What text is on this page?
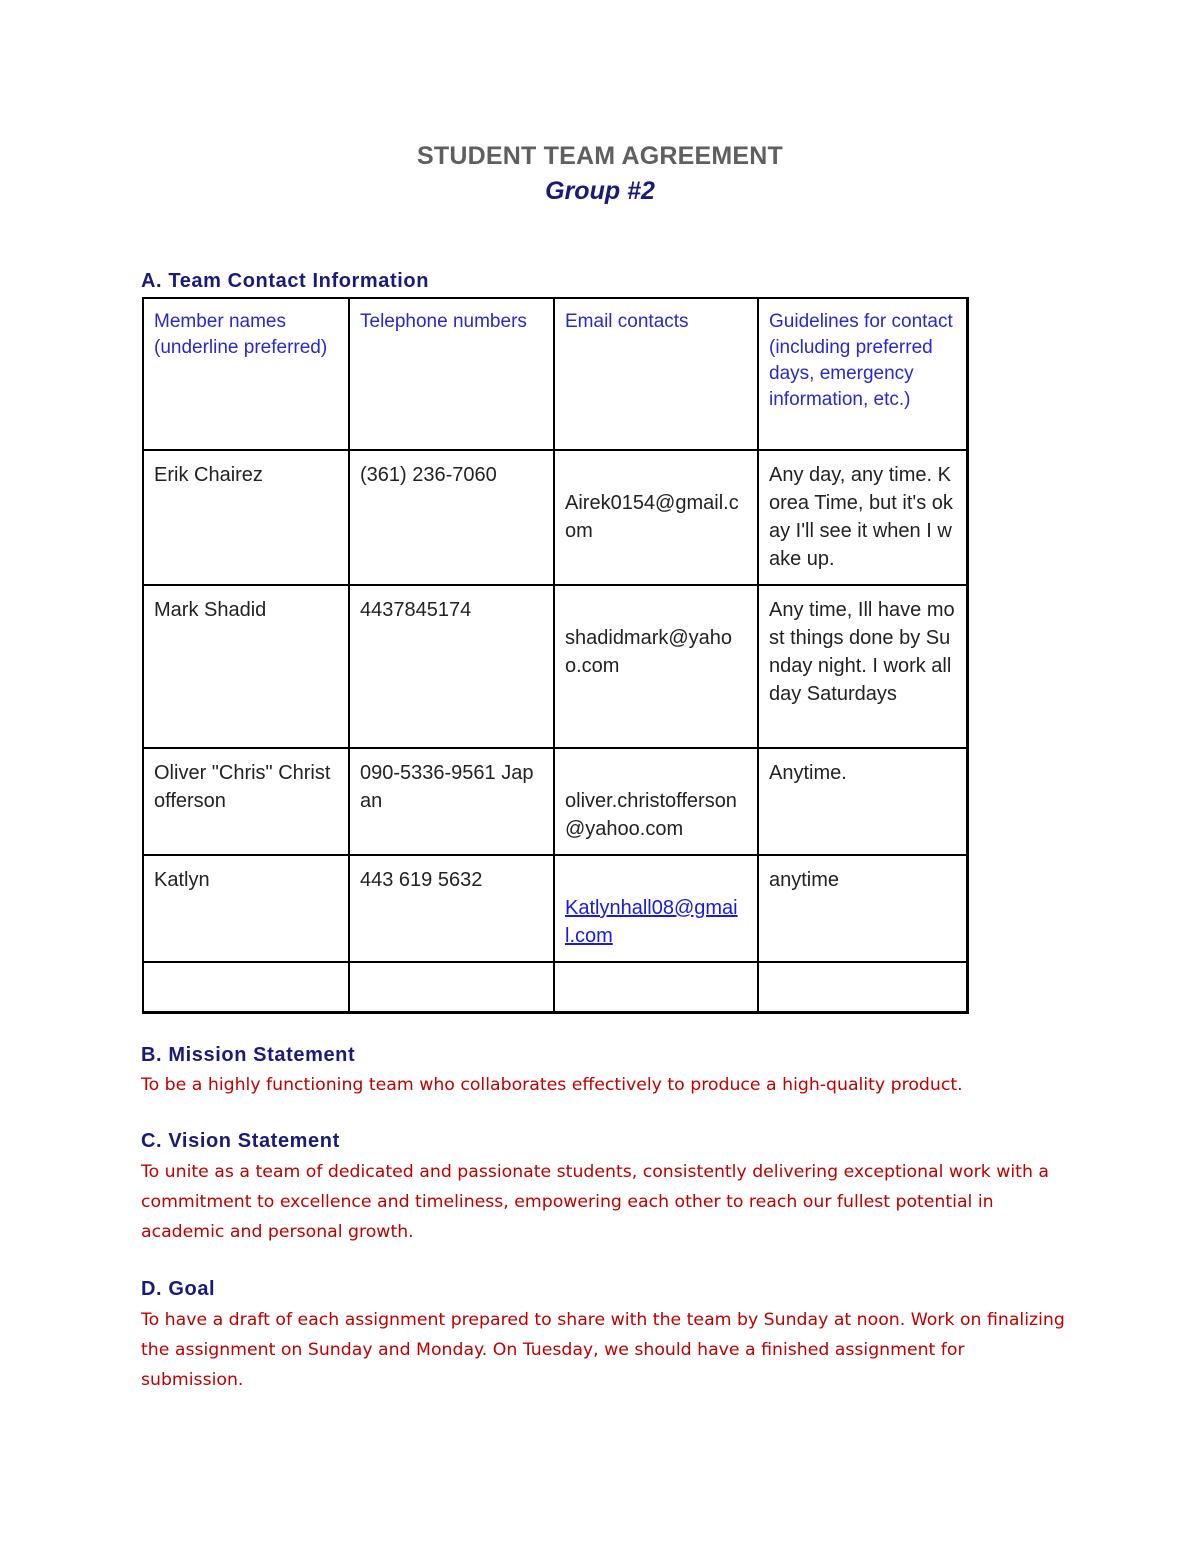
STUDENT TEAM AGREEMENT
Group #2
A. Team Contact Information
Member names (underline preferred)	Telephone numbers	Email contacts	Guidelines for contact (including preferred days, emergency information, etc.)
Erik Chairez	(361) 236-7060	Airek0154@gmail.com	Any day, any time. Korea Time, but it's okay I'll see it when I wake up.
Mark Shadid	4437845174	shadidmark@yahoo.com	Any time, Ill have most things done by Sunday night. I work all day Saturdays
Oliver "Chris" Christofferson	090-5336-9561 Japan	oliver.christofferson@yahoo.com	Anytime.
Katlyn	443 619 5632	Katlynhall08@gmail.com	anytime

B. Mission Statement
To be a highly functioning team who collaborates effectively to produce a high-quality product.
C. Vision Statement
To unite as a team of dedicated and passionate students, consistently delivering exceptional work with a commitment to excellence and timeliness, empowering each other to reach our fullest potential in academic and personal growth.
D. Goal
To have a draft of each assignment prepared to share with the team by Sunday at noon. Work on finalizing the assignment on Sunday and Monday. On Tuesday, we should have a finished assignment for submission.
